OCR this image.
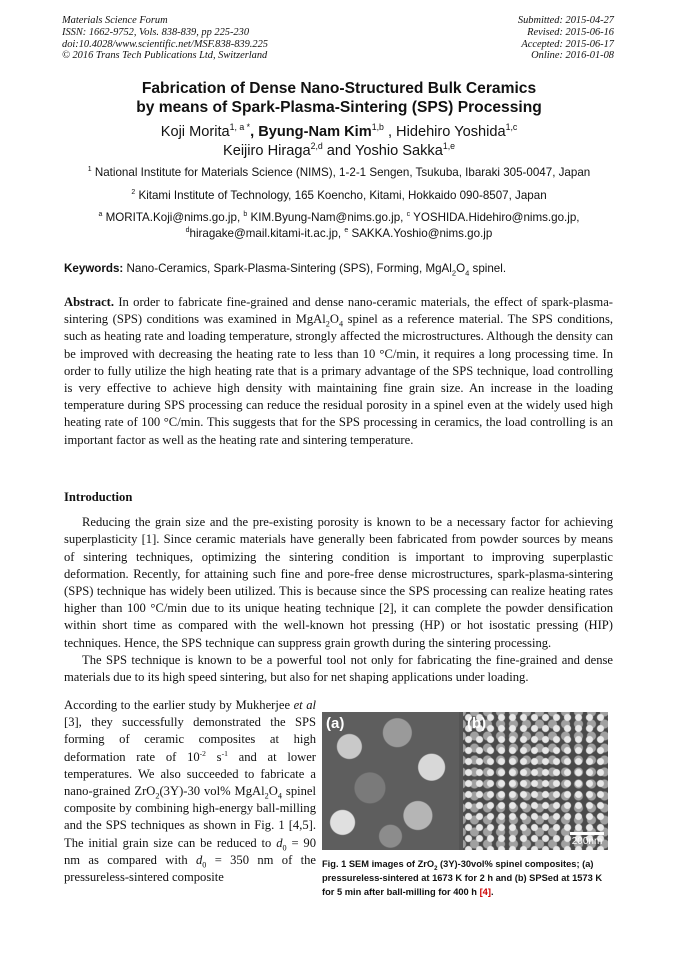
Materials Science Forum
ISSN: 1662-9752, Vols. 838-839, pp 225-230
doi:10.4028/www.scientific.net/MSF.838-839.225
© 2016 Trans Tech Publications Ltd, Switzerland
Submitted: 2015-04-27
Revised: 2015-06-16
Accepted: 2015-06-17
Online: 2016-01-08
Fabrication of Dense Nano-Structured Bulk Ceramics
by means of Spark-Plasma-Sintering (SPS) Processing
Koji Morita$^{1, a *}$, Byung-Nam Kim$^{1,b}$ , Hidehiro Yoshida$^{1,c}$
Keijiro Hiraga$^{2,d}$ and Yoshio Sakka$^{1,e}$
$^1$ National Institute for Materials Science (NIMS), 1-2-1 Sengen, Tsukuba, Ibaraki 305-0047, Japan
$^2$ Kitami Institute of Technology, 165 Koencho, Kitami, Hokkaido 090-8507, Japan
$^a$ MORITA.Koji@nims.go.jp, $^b$ KIM.Byung-Nam@nims.go.jp, $^c$ YOSHIDA.Hidehiro@nims.go.jp,
$^d$hiragake@mail.kitami-it.ac.jp, $^e$ SAKKA.Yoshio@nims.go.jp
Keywords: Nano-Ceramics, Spark-Plasma-Sintering (SPS), Forming, $MgAl_2O_4$ spinel.
Abstract. In order to fabricate fine-grained and dense nano-ceramic materials, the effect of spark-plasma-sintering (SPS) conditions was examined in $MgAl_2O_4$ spinel as a reference material. The SPS conditions, such as heating rate and loading temperature, strongly affected the microstructures. Although the density can be improved with decreasing the heating rate to less than 10 °C/min, it requires a long processing time. In order to fully utilize the high heating rate that is a primary advantage of the SPS technique, load controlling is very effective to achieve high density with maintaining fine grain size. An increase in the loading temperature during SPS processing can reduce the residual porosity in a spinel even at the widely used high heating rate of 100 °C/min. This suggests that for the SPS processing in ceramics, the load controlling is an important factor as well as the heating rate and sintering temperature.
Introduction
Reducing the grain size and the pre-existing porosity is known to be a necessary factor for achieving superplasticity [1]. Since ceramic materials have generally been fabricated from powder sources by means of sintering techniques, optimizing the sintering condition is important to improving superplastic deformation. Recently, for attaining such fine and pore-free dense microstructures, spark-plasma-sintering (SPS) technique has widely been utilized. This is because since the SPS processing can realize heating rates higher than 100 °C/min due to its unique heating technique [2], it can complete the powder densification within short time as compared with the well-known hot pressing (HP) or hot isostatic pressing (HIP) techniques. Hence, the SPS technique can suppress grain growth during the sintering processing.
The SPS technique is known to be a powerful tool not only for fabricating the fine-grained and dense materials due to its high speed sintering, but also for net shaping applications under loading.
According to the earlier study by Mukherjee et al [3], they successfully demonstrated the SPS forming of ceramic composites at high deformation rate of $10^{-2}$ $s^{-1}$ and at lower temperatures. We also succeeded to fabricate a nano-grained ZrO$_2$(3Y)-30 vol% $MgAl_2O_4$ spinel composite by combining high-energy ball-milling and the SPS techniques as shown in Fig. 1 [4,5]. The initial grain size can be reduced to $d_0 = 90$ nm as compared with $d_0 = 350$ nm of the pressureless-sintered composite
(a)	(b)
200nm
Fig. 1 SEM images of ZrO$_2$ (3Y)-30vol% spinel composites; (a) pressureless-sintered at 1673 K for 2 h and (b) SPSed at 1573 K for 5 min after ball-milling for 400 h [4].
